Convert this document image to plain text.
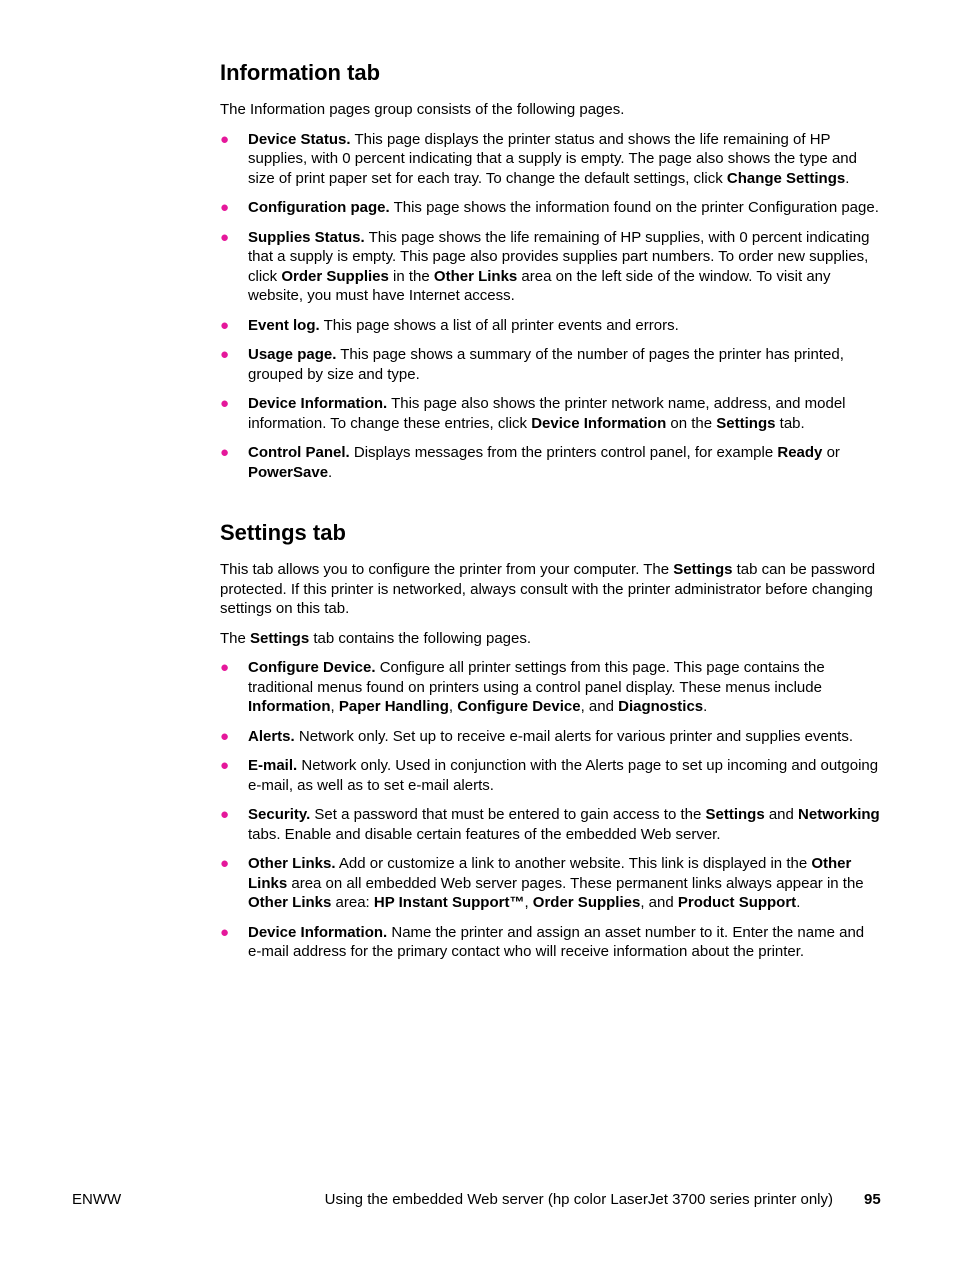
Information tab

The Information pages group consists of the following pages.

● Device Status. This page displays the printer status and shows the life remaining of HP supplies, with 0 percent indicating that a supply is empty. The page also shows the type and size of print paper set for each tray. To change the default settings, click Change Settings.
● Configuration page. This page shows the information found on the printer Configuration page.
● Supplies Status. This page shows the life remaining of HP supplies, with 0 percent indicating that a supply is empty. This page also provides supplies part numbers. To order new supplies, click Order Supplies in the Other Links area on the left side of the window. To visit any website, you must have Internet access.
● Event log. This page shows a list of all printer events and errors.
● Usage page. This page shows a summary of the number of pages the printer has printed, grouped by size and type.
● Device Information. This page also shows the printer network name, address, and model information. To change these entries, click Device Information on the Settings tab.
● Control Panel. Displays messages from the printers control panel, for example Ready or PowerSave.
Settings tab

This tab allows you to configure the printer from your computer. The Settings tab can be password protected. If this printer is networked, always consult with the printer administrator before changing settings on this tab.

The Settings tab contains the following pages.

● Configure Device. Configure all printer settings from this page. This page contains the traditional menus found on printers using a control panel display. These menus include Information, Paper Handling, Configure Device, and Diagnostics.
● Alerts. Network only. Set up to receive e-mail alerts for various printer and supplies events.
● E-mail. Network only. Used in conjunction with the Alerts page to set up incoming and outgoing e-mail, as well as to set e-mail alerts.
● Security. Set a password that must be entered to gain access to the Settings and Networking tabs. Enable and disable certain features of the embedded Web server.
● Other Links. Add or customize a link to another website. This link is displayed in the Other Links area on all embedded Web server pages. These permanent links always appear in the Other Links area: HP Instant Support™, Order Supplies, and Product Support.
● Device Information. Name the printer and assign an asset number to it. Enter the name and e-mail address for the primary contact who will receive information about the printer.
ENWW	Using the embedded Web server (hp color LaserJet 3700 series printer only) 95
